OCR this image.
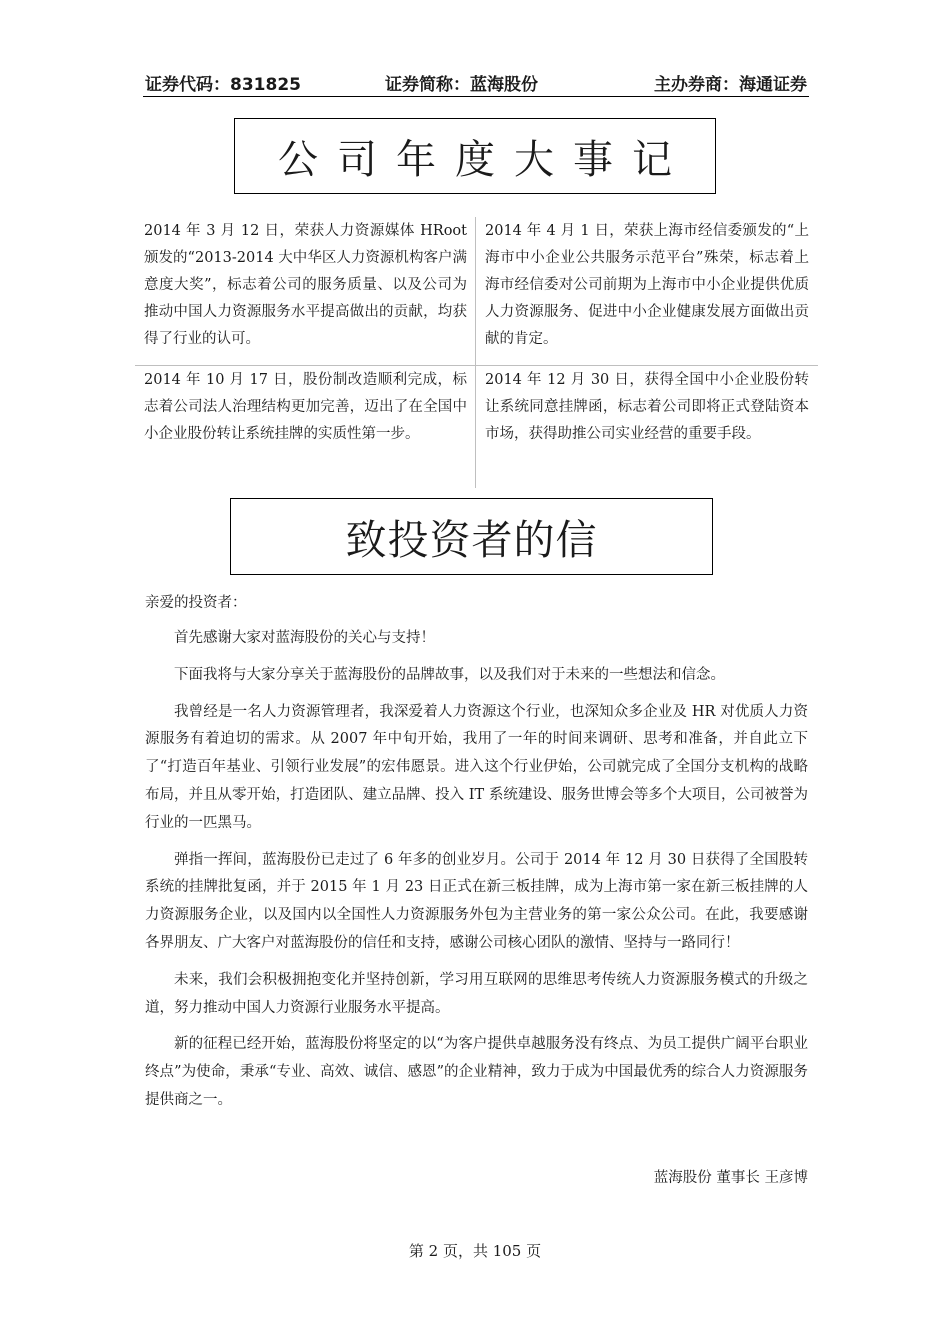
证券代码：831825	证券简称：蓝海股份	主办券商：海通证券
公司年度大事记
2014 年 3 月 12 日，荣获人力资源媒体 HRoot 颁发的“2013-2014 大中华区人力资源机构客户满意度大奖”，标志着公司的服务质量、以及公司为推动中国人力资源服务水平提高做出的贡献，均获得了行业的认可。
2014 年 4 月 1 日，荣获上海市经信委颁发的“上海市中小企业公共服务示范平台”殊荣，标志着上海市经信委对公司前期为上海市中小企业提供优质人力资源服务、促进中小企业健康发展方面做出贡献的肯定。
2014 年 10 月 17 日，股份制改造顺利完成，标志着公司法人治理结构更加完善，迈出了在全国中小企业股份转让系统挂牌的实质性第一步。
2014 年 12 月 30 日，获得全国中小企业股份转让系统同意挂牌函，标志着公司即将正式登陆资本市场，获得助推公司实业经营的重要手段。
致投资者的信

亲爱的投资者：

首先感谢大家对蓝海股份的关心与支持！

下面我将与大家分享关于蓝海股份的品牌故事，以及我们对于未来的一些想法和信念。

我曾经是一名人力资源管理者，我深爱着人力资源这个行业，也深知众多企业及 HR 对优质人力资源服务有着迫切的需求。从 2007 年中旬开始，我用了一年的时间来调研、思考和准备，并自此立下了“打造百年基业、引领行业发展”的宏伟愿景。进入这个行业伊始，公司就完成了全国分支机构的战略布局，并且从零开始，打造团队、建立品牌、投入 IT 系统建设、服务世博会等多个大项目，公司被誉为行业的一匹黑马。

弹指一挥间，蓝海股份已走过了 6 年多的创业岁月。公司于 2014 年 12 月 30 日获得了全国股转系统的挂牌批复函，并于 2015 年 1 月 23 日正式在新三板挂牌，成为上海市第一家在新三板挂牌的人力资源服务企业，以及国内以全国性人力资源服务外包为主营业务的第一家公众公司。在此，我要感谢各界朋友、广大客户对蓝海股份的信任和支持，感谢公司核心团队的激情、坚持与一路同行！

未来，我们会积极拥抱变化并坚持创新，学习用互联网的思维思考传统人力资源服务模式的升级之道，努力推动中国人力资源行业服务水平提高。

新的征程已经开始，蓝海股份将坚定的以“为客户提供卓越服务没有终点、为员工提供广阔平台职业终点”为使命，秉承“专业、高效、诚信、感恩”的企业精神，致力于成为中国最优秀的综合人力资源服务提供商之一。

蓝海股份 董事长 王彦博
第 2 页，共 105 页
